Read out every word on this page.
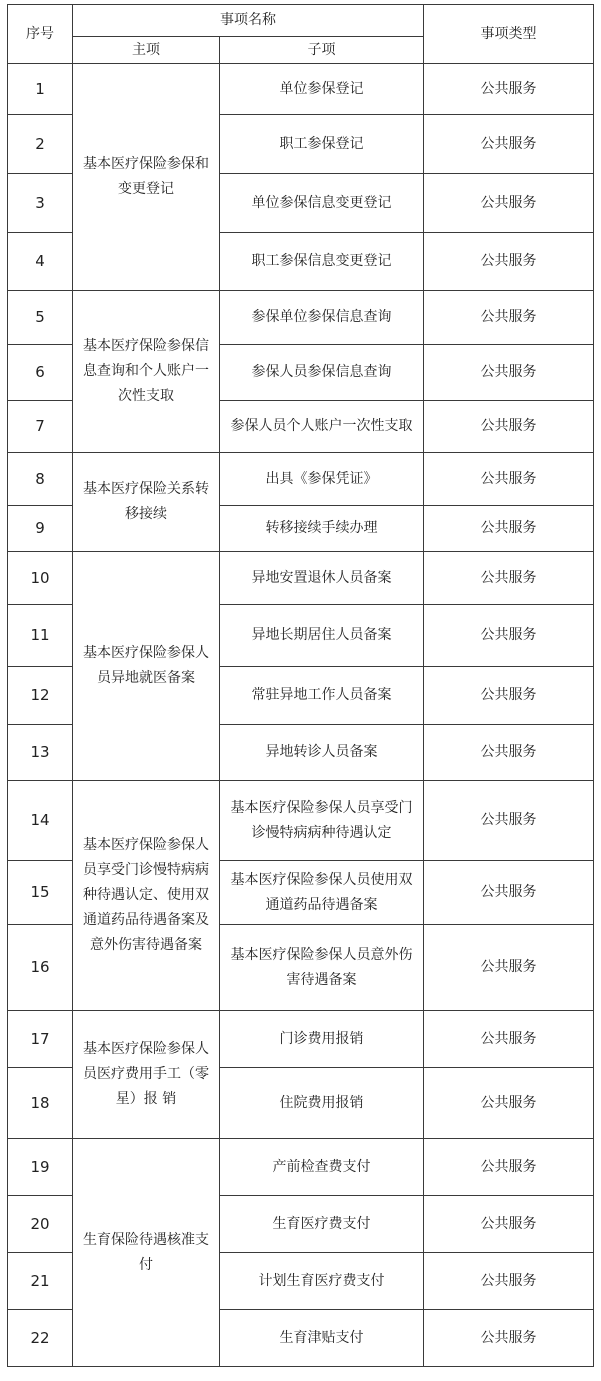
序号	事项名称		事项类型
	主项	子项	
1	基本医疗保险参保和变更登记	单位参保登记	公共服务
2		职工参保登记	公共服务
3		单位参保信息变更登记	公共服务
4		职工参保信息变更登记	公共服务
5	基本医疗保险参保信息查询和个人账户一次性支取	参保单位参保信息查询	公共服务
6		参保人员参保信息查询	公共服务
7		参保人员个人账户一次性支取	公共服务
8	基本医疗保险关系转移接续	出具《参保凭证》	公共服务
9		转移接续手续办理	公共服务
10	基本医疗保险参保人员异地就医备案	异地安置退休人员备案	公共服务
11		异地长期居住人员备案	公共服务
12		常驻异地工作人员备案	公共服务
13		异地转诊人员备案	公共服务
14	基本医疗保险参保人员享受门诊慢特病病种待遇认定、使用双通道药品待遇备案及意外伤害待遇备案	基本医疗保险参保人员享受门诊慢特病病种待遇认定	公共服务
15		基本医疗保险参保人员使用双通道药品待遇备案	公共服务
16		基本医疗保险参保人员意外伤害待遇备案	公共服务
17	基本医疗保险参保人员医疗费用手工（零星）报 销	门诊费用报销	公共服务
18		住院费用报销	公共服务
19	生育保险待遇核准支付	产前检查费支付	公共服务
20		生育医疗费支付	公共服务
21		计划生育医疗费支付	公共服务
22		生育津贴支付	公共服务
